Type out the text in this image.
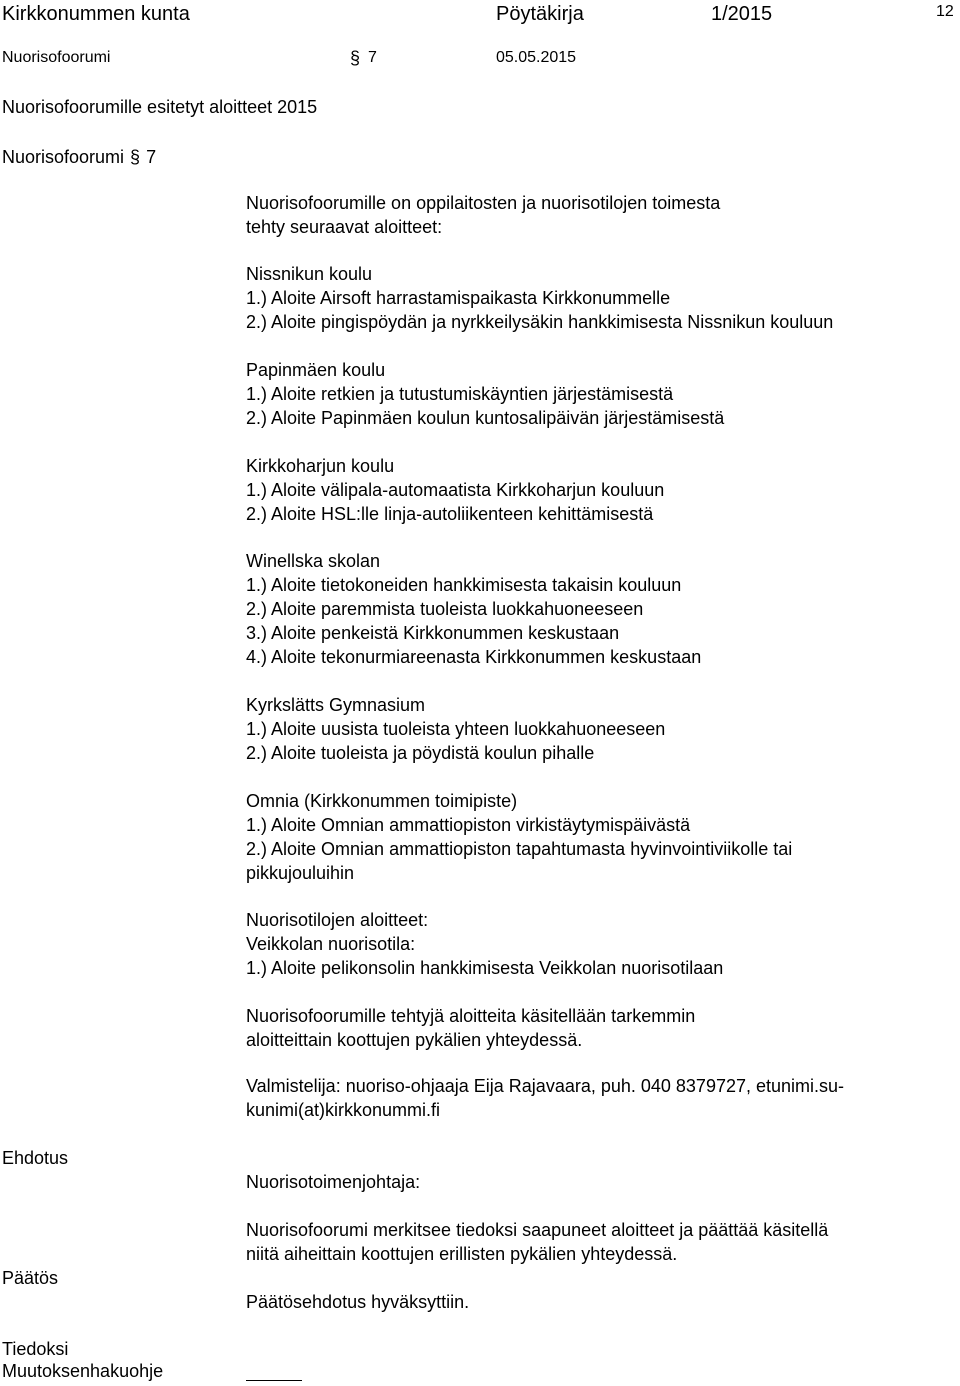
Kirkkonummen kunta	Pöytäkirja	1/2015	12
Nuorisofoorumi	§ 7	05.05.2015
Nuorisofoorumille esitetyt aloitteet 2015
Nuorisofoorumi § 7
Nuorisofoorumille on oppilaitosten ja nuorisotilojen toimesta
tehty seuraavat aloitteet:
Nissnikun koulu
1.) Aloite Airsoft harrastamispaikasta Kirkkonummelle
2.) Aloite pingispöydän ja nyrkkeilysäkin hankkimisesta Nissnikun kouluun
Papinmäen koulu
1.) Aloite retkien ja tutustumiskäyntien järjestämisestä
2.) Aloite Papinmäen koulun kuntosalipäivän järjestämisestä
Kirkkoharjun koulu
1.) Aloite välipala-automaatista Kirkkoharjun kouluun
2.) Aloite HSL:lle linja-autoliikenteen kehittämisestä
Winellska skolan
1.) Aloite tietokoneiden hankkimisesta takaisin kouluun
2.) Aloite paremmista tuoleista luokkahuoneeseen
3.) Aloite penkeistä Kirkkonummen keskustaan
4.) Aloite tekonurmiareenasta Kirkkonummen keskustaan
Kyrkslätts Gymnasium
1.) Aloite uusista tuoleista yhteen luokkahuoneeseen
2.) Aloite tuoleista ja pöydistä koulun pihalle
Omnia (Kirkkonummen toimipiste)
1.) Aloite Omnian ammattiopiston virkistäytymispäivästä
2.) Aloite Omnian ammattiopiston tapahtumasta hyvinvointiviikolle tai
pikkujouluihin
Nuorisotilojen aloitteet:
Veikkolan nuorisotila:
1.) Aloite pelikonsolin hankkimisesta Veikkolan nuorisotilaan
Nuorisofoorumille tehtyjä aloitteita käsitellään tarkemmin
aloitteittain koottujen pykälien yhteydessä.
Valmistelija: nuoriso-ohjaaja Eija Rajavaara, puh. 040 8379727, etunimi.su-
kunimi(at)kirkkonummi.fi
Ehdotus
Nuorisotoimenjohtaja:
Nuorisofoorumi merkitsee tiedoksi saapuneet aloitteet ja päättää käsitellä
niitä aiheittain koottujen erillisten pykälien yhteydessä.
Päätös
Päätösehdotus hyväksyttiin.
Tiedoksi
Muutoksenhakuohje
